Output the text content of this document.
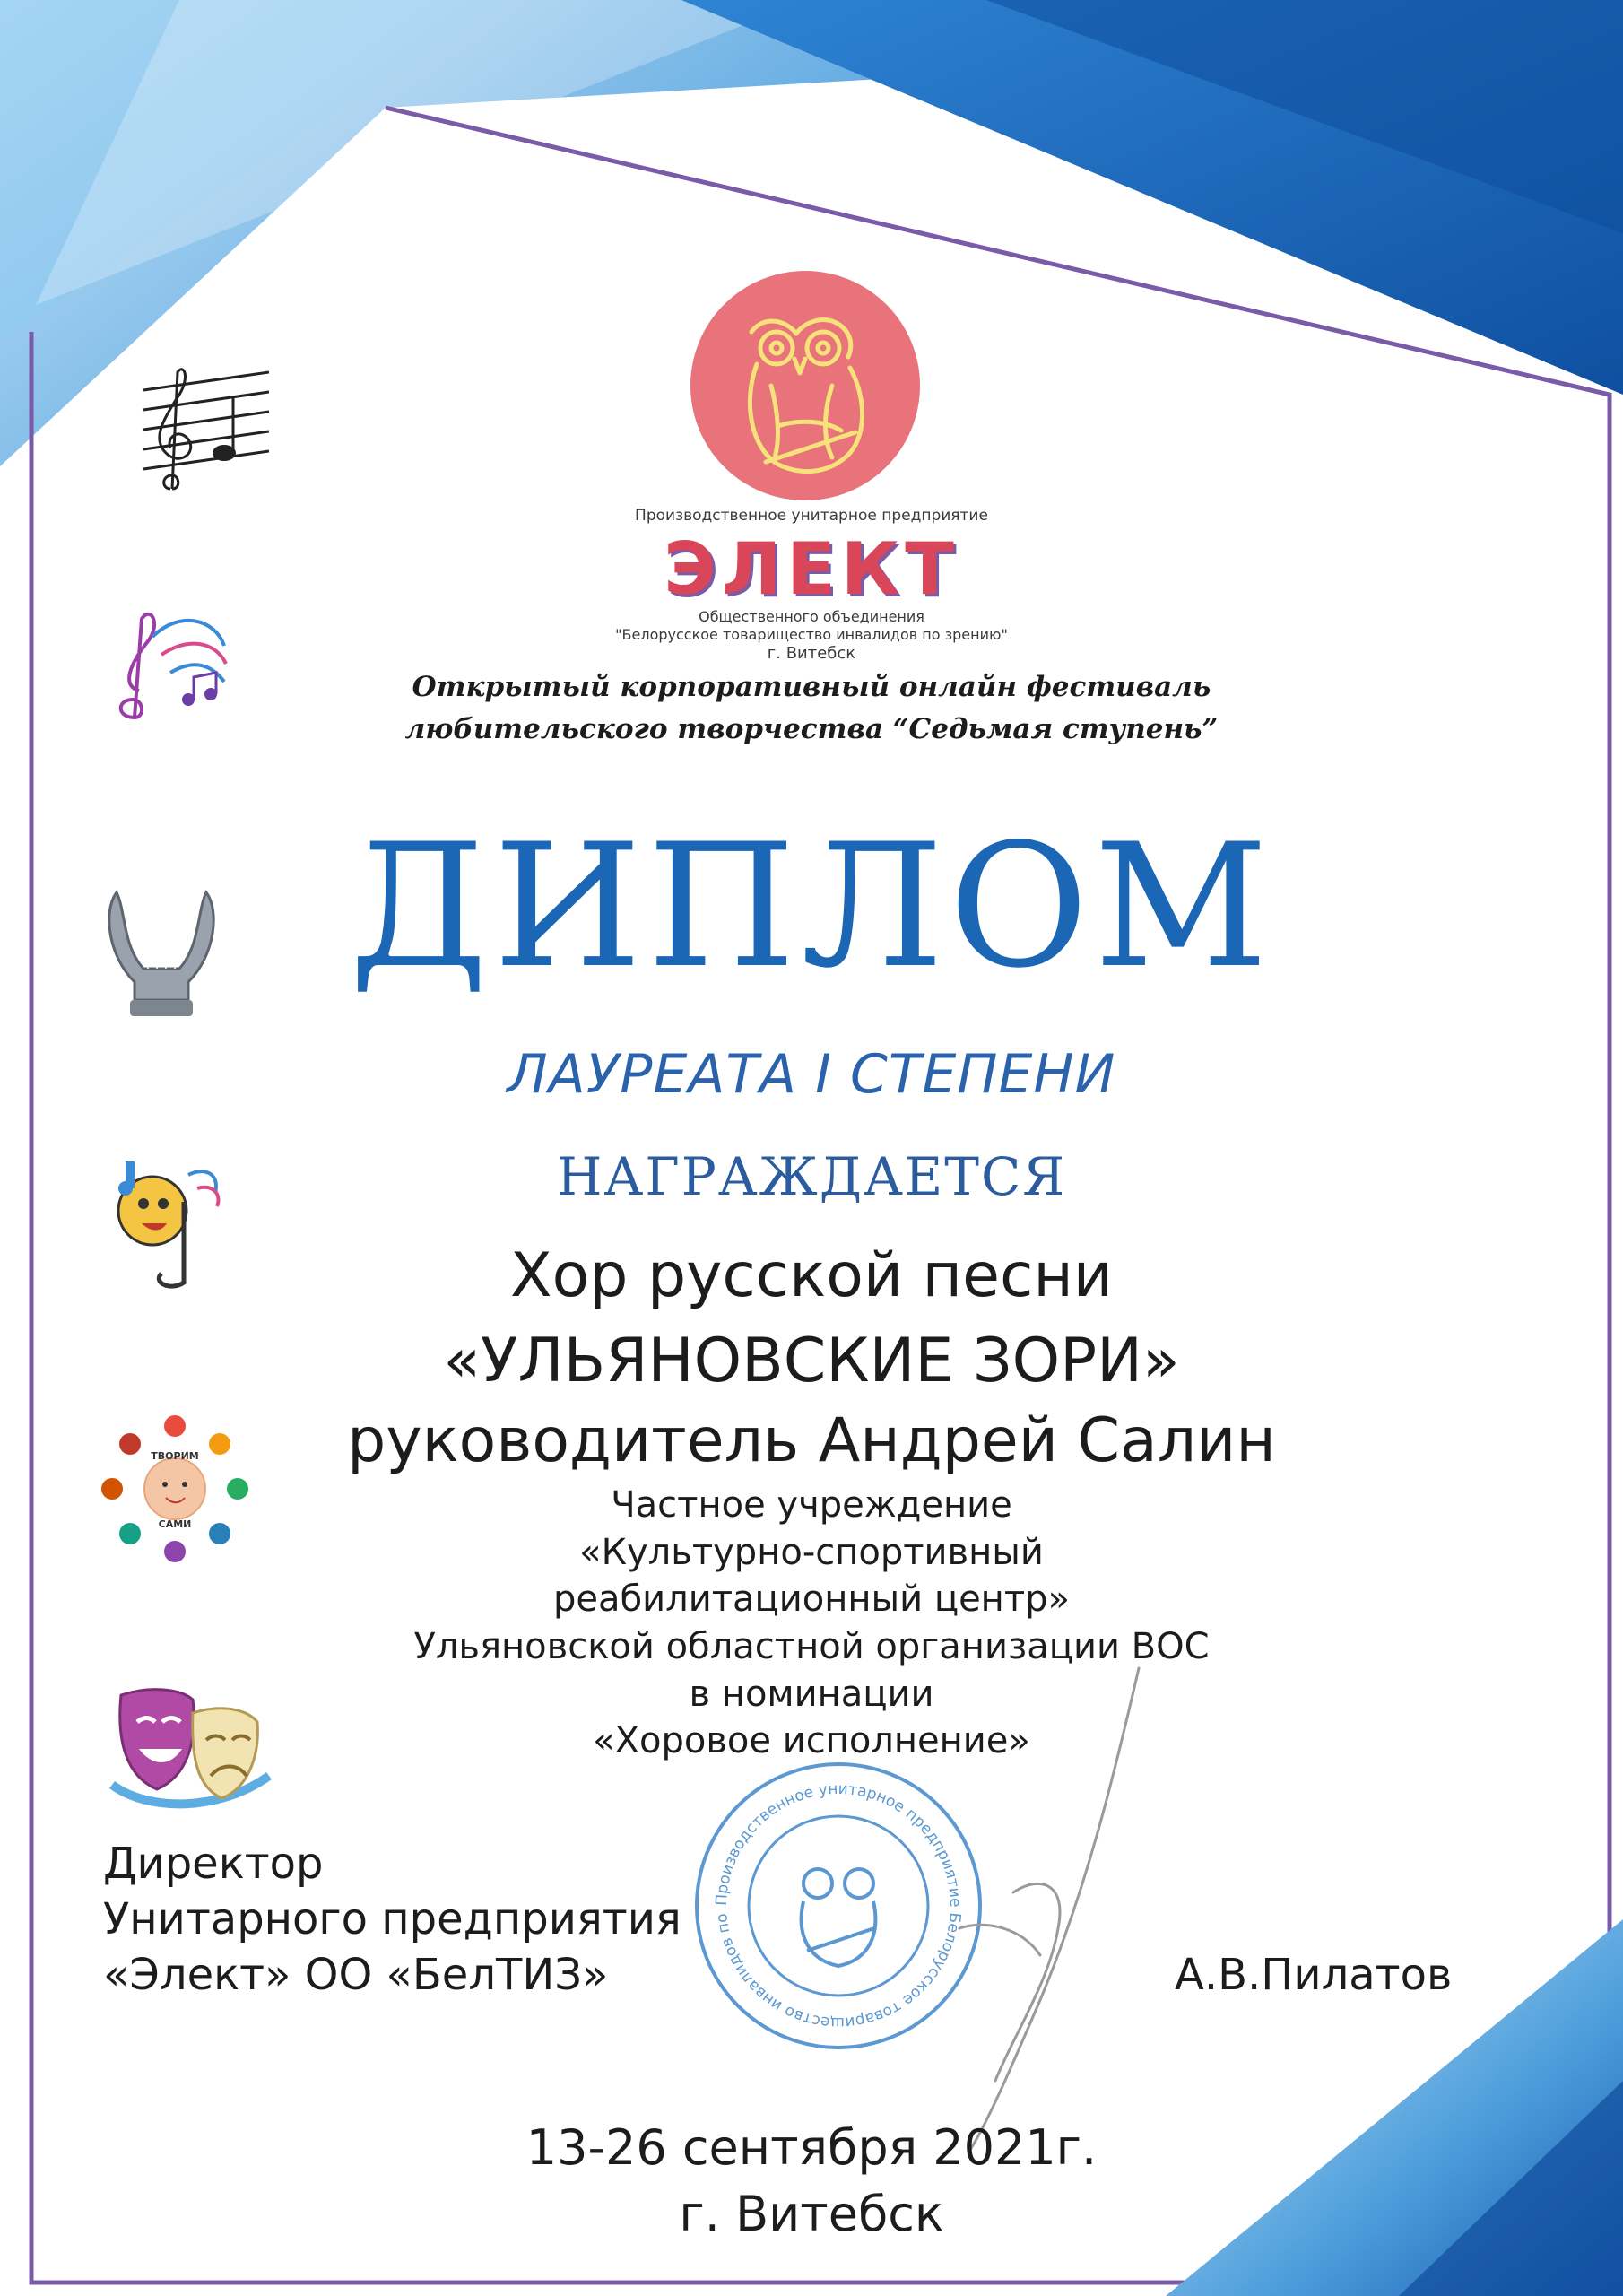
Производственное унитарное предприятие
ЭЛЕКТ
Общественного объединения
"Белорусское товарищество инвалидов по зрению"
г. Витебск
Открытый корпоративный онлайн фестиваль
любительского творчества “Седьмая ступень”
ДИПЛОМ
ЛАУРЕАТА I СТЕПЕНИ
НАГРАЖДАЕТСЯ
Хор русской песни
«УЛЬЯНОВСКИЕ ЗОРИ»
руководитель Андрей Салин
Частное учреждение
«Культурно-спортивный
реабилитационный центр»
Ульяновской областной организации ВОС
в номинации
«Хоровое исполнение»
Директор
Унитарного предприятия
«Элект» ОО «БелТИЗ»	А.В.Пилатов
Производственное унитарное предприятие Белорусское товарищество инвалидов по
13-26 сентября 2021г.
г. Витебск
ТВОРИМ
САМИ
